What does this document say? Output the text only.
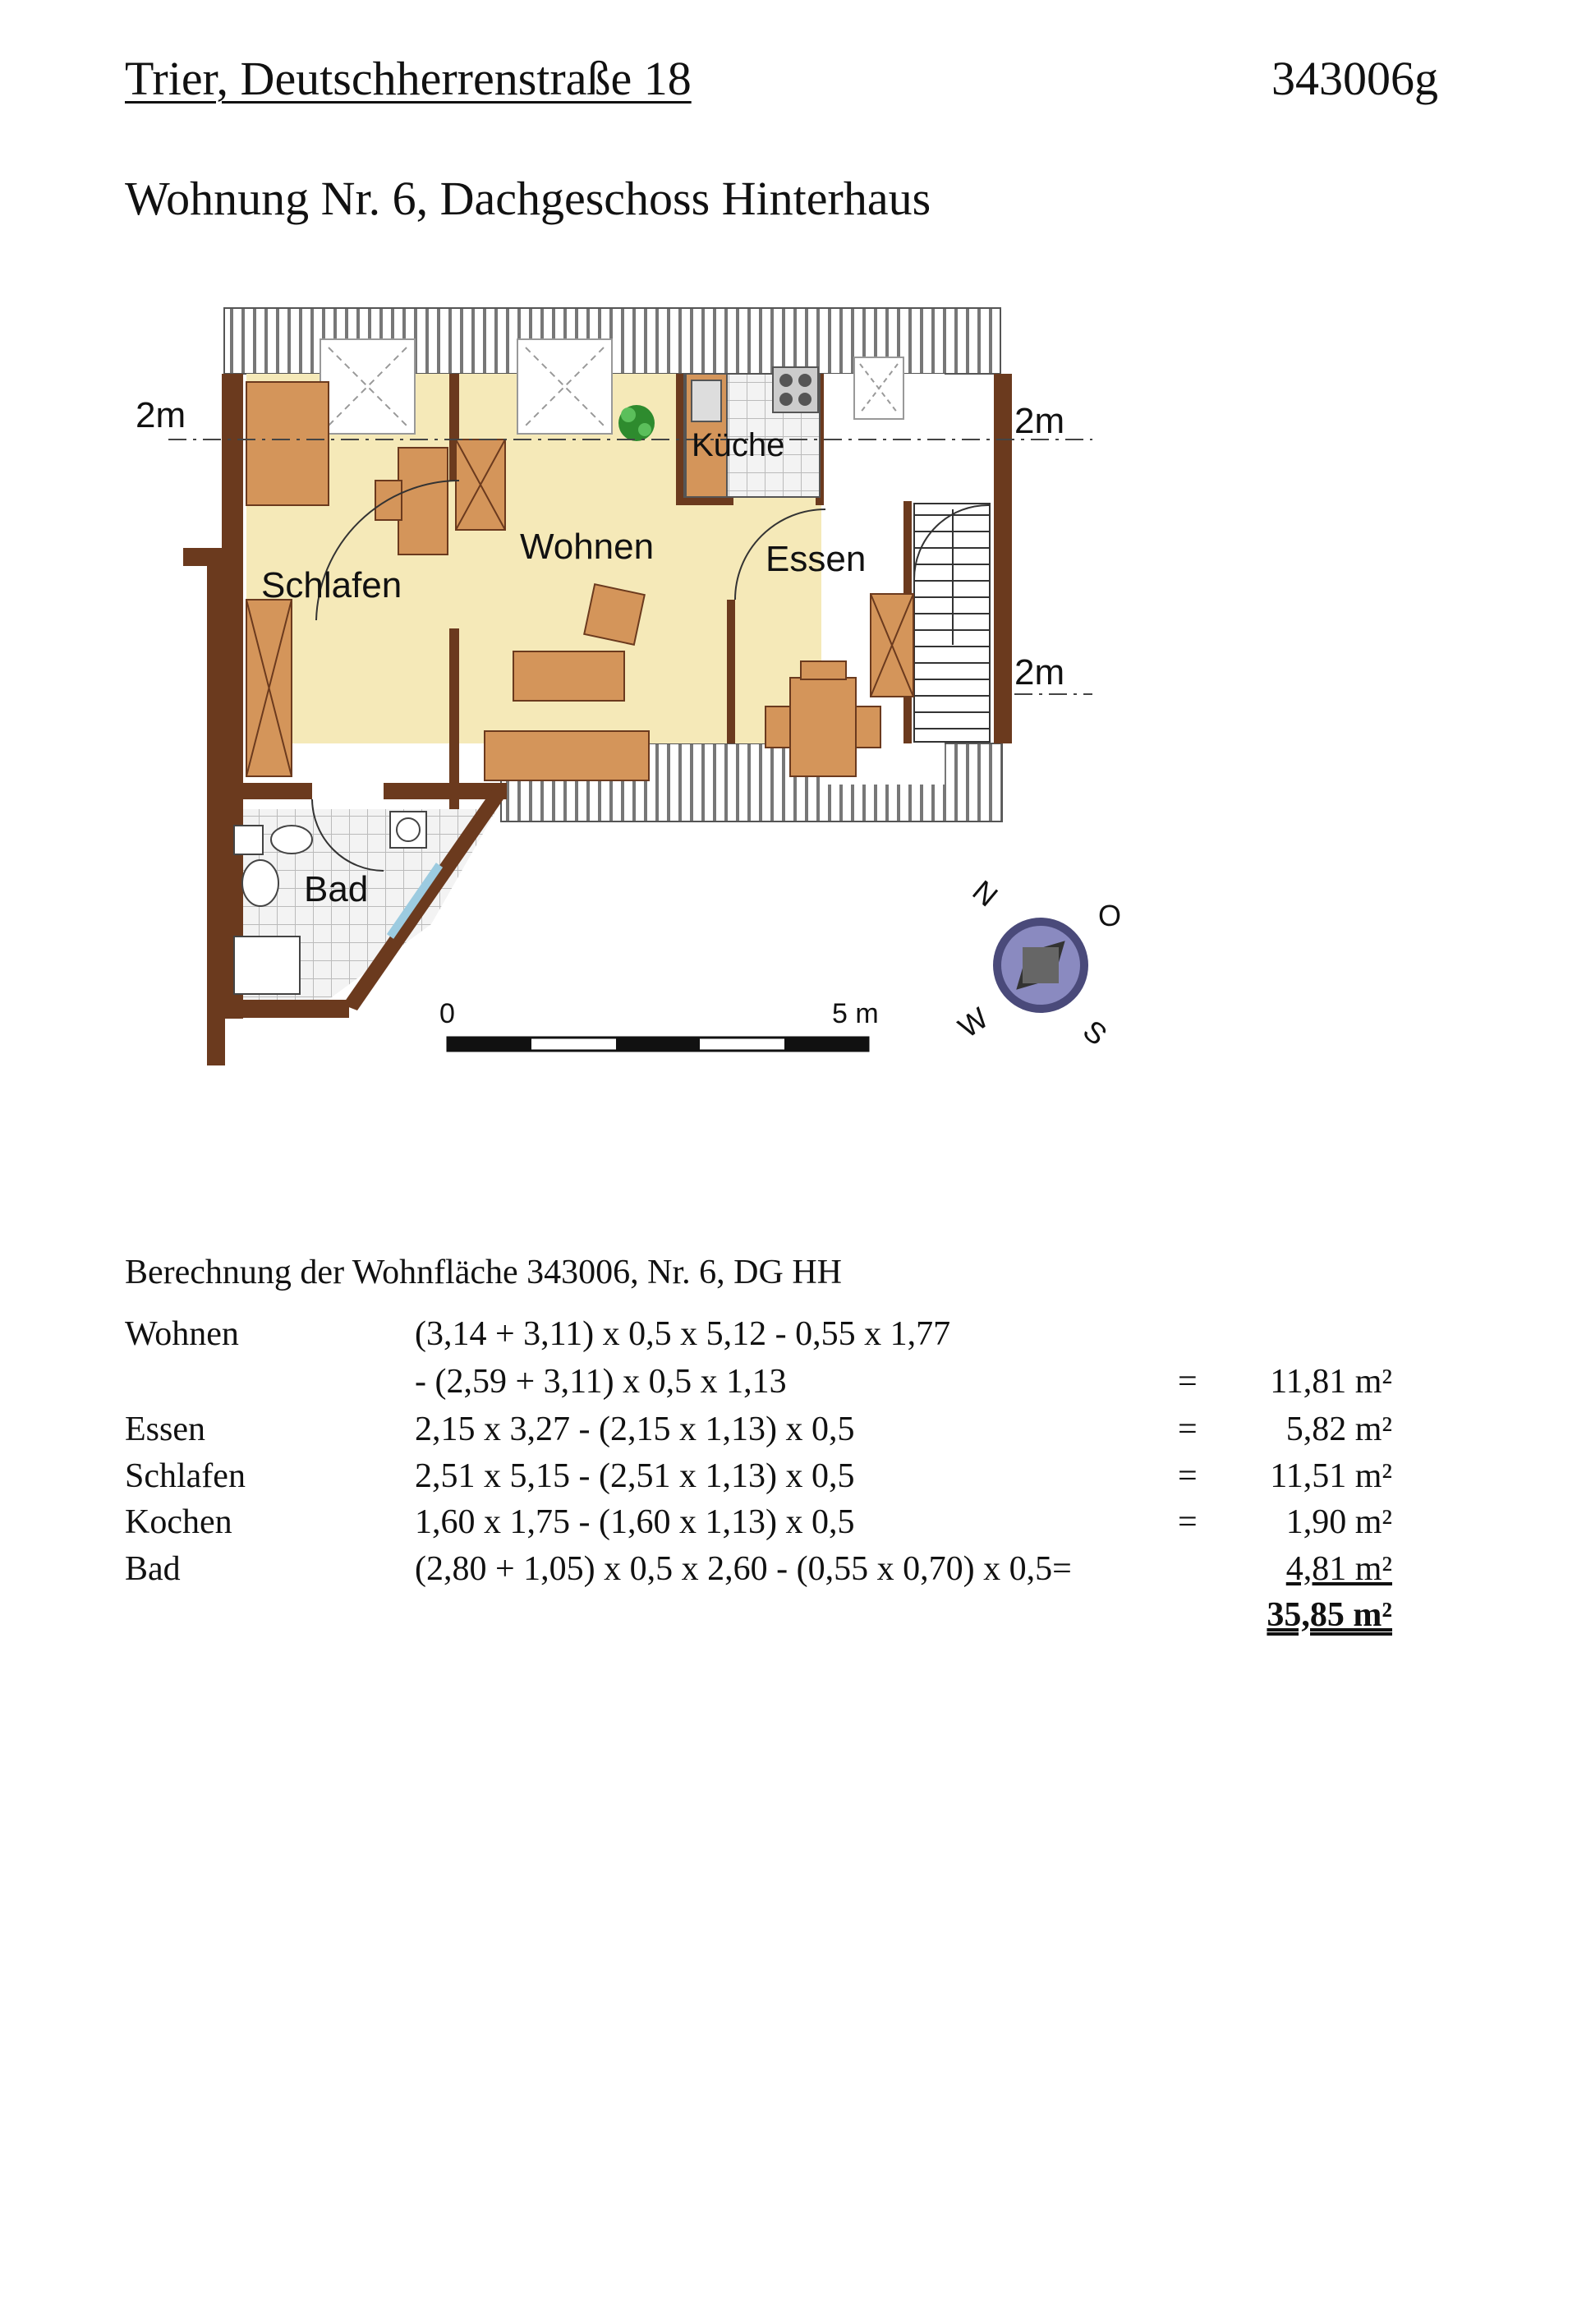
Trier, Deutschherrenstraße 18	343006g
Wohnung Nr. 6, Dachgeschoss Hinterhaus
2m	2m
2m
Wohnen
Schlafen
Essen
Küche
Bad
0	5 m
N
O
S
W
Berechnung der Wohnfläche 343006, Nr. 6, DG HH
Wohnen	(3,14 + 3,11) x 0,5 x 5,12 - 0,55 x 1,77
- (2,59 + 3,11) x 0,5 x 1,13	= 11,81 m²
Essen	2,15 x 3,27 - (2,15 x 1,13) x 0,5	=	5,82 m²
Schlafen	2,51 x 5,15 - (2,51 x 1,13) x 0,5	= 11,51 m²
Kochen	1,60 x 1,75 - (1,60 x 1,13) x 0,5	=	1,90 m²
Bad	(2,80 + 1,05) x 0,5 x 2,60 - (0,55 x 0,70) x 0,5=	4,81 m²
35,85 m²
